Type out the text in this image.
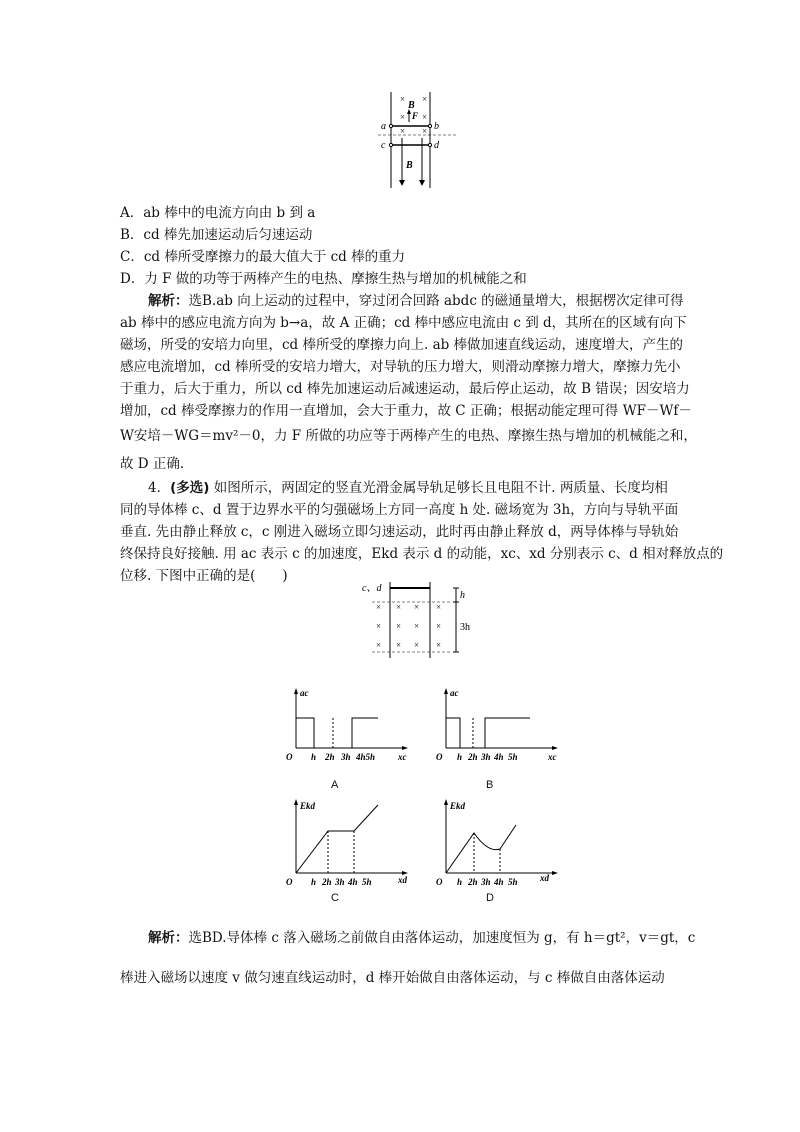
× ×
× ×
× ×
a	b
c	d
B
F
B
A．ab 棒中的电流方向由 b 到 a
B．cd 棒先加速运动后匀速运动
C．cd 棒所受摩擦力的最大值大于 cd 棒的重力
D．力 F 做的功等于两棒产生的电热、摩擦生热与增加的机械能之和
解析：选B.ab 向上运动的过程中，穿过闭合回路 abdc 的磁通量增大，根据楞次定律可得
ab 棒中的感应电流方向为 b→a，故 A 正确；cd 棒中感应电流由 c 到 d，其所在的区域有向下
磁场，所受的安培力向里，cd 棒所受的摩擦力向上. ab 棒做加速直线运动，速度增大，产生的
感应电流增加，cd 棒所受的安培力增大，对导轨的压力增大，则滑动摩擦力增大，摩擦力先小
于重力，后大于重力，所以 cd 棒先加速运动后减速运动，最后停止运动，故 B 错误；因安培力
增加，cd 棒受摩擦力的作用一直增加，会大于重力，故 C 正确；根据动能定理可得 WF－Wf－
W安培－WG＝mv²－0，力 F 所做的功应等于两棒产生的电热、摩擦生热与增加的机械能之和，
故 D 正确.
4．(多选) 如图所示，两固定的竖直光滑金属导轨足够长且电阻不计. 两质量、长度均相
同的导体棒 c、d 置于边界水平的匀强磁场上方同一高度 h 处. 磁场宽为 3h，方向与导轨平面
垂直. 先由静止释放 c，c 刚进入磁场立即匀速运动，此时再由静止释放 d，两导体棒与导轨始
终保持良好接触. 用 ac 表示 c 的加速度，Ekd 表示 d 的动能，xc、xd 分别表示 c、d 相对释放点的
位移. 下图中正确的是(　　)
× × × ×
× × × ×
× × × ×
c、d
h
3h
ac
xc
O h 2h 3h 4h5h
A
ac
xc
O h 2h 3h 4h 5h
B
Ekd
xd
O h 2h 3h 4h 5h
C
Ekd
xd
O h 2h 3h 4h 5h
D
解析：选BD.导体棒 c 落入磁场之前做自由落体运动，加速度恒为 g，有 h＝gt²，v＝gt，c
棒进入磁场以速度 v 做匀速直线运动时，d 棒开始做自由落体运动，与 c 棒做自由落体运动
